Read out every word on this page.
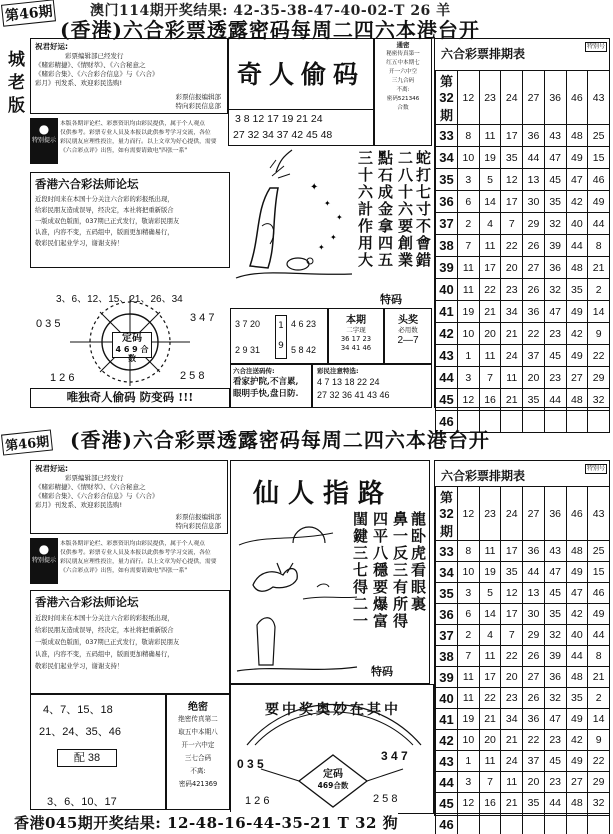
第46期	澳门114期开奖结果: 42-35-38-47-40-02-T 26 羊
城老版
(香港)六合彩票透露密码每周二四六本港台开
祝君好运:
彩票编辑部已经发行
《赌彩精捷》、《情财萃》、《六合秘意之
《赌彩合集》、《六合彩合信息》与《六合》
彩月》刊发系、欢迎彩民选购!
彩票信报编辑部
特向彩民信息部
●
特别提示
本版各期评论栏、彩票资讯均由彩民提供，属于个人观点
仅供参考。彩票专业人员及本报以此供参考学习交流，各位
彩民朋友应理性投注，量力而行。以上文章为好心提供，需要
《六合彩点评》出售，如有需要请致电"四张一系"
奇人偷码
3 8 12 17 19 21 24
27 32 34 37 42 45 48
通密
秘密传真第一
红五中本期七
开一六中空
三九合码
不离:
密码521346
合数
香港六合彩法师论坛
近段时间来在本国十分关注六合彩的彩报纸出现，
给彩民朋友造成误导，经决定，本社将把重新版合
一版成双色版面，037期已正式发行，敬请彩民朋友
认准，内容不变，五码组中，版面更加精确易行，
敬彩民们起业学习，谢谢支持！
✦
✦
✦
✦
✦	蛇打七寸不會錯
二八十六要創業
點石成金拿四五
三十六計作用大
特码
3、6、12、15、21、26、34
定码
4 6 9 合数
0 3 5	3 4 7
1 2 6	2 5 8
唯独奇人偷码 防变码 !!!
3 7 20
2 9 31
1
9
4 6 23
5 8 42
本期
二字现
36 17 23
34 41 46
头奖
必用数
2—7
六合注送码传:
看家护院,不言累,
眼明手快,盘日防.
彩民注意特选:
4 7 13 18 22 24
27 32 36 41 43 46
六合彩票排期表
特别号
第32期	12	23	24	27	36	46	43
33	8	11	17	36	43	48	25
34	10	19	35	44	47	49	15
35	3	5	12	13	45	47	46
36	6	14	17	30	35	42	49
37	2	4	7	29	32	40	44
38	7	11	22	26	39	44	8
39	11	17	20	27	36	48	21
40	11	22	23	26	32	35	2
41	19	21	34	36	47	49	14
42	10	20	21	22	23	42	9
43	1	11	24	37	45	49	22
44	3	7	11	20	23	27	29
45	12	16	21	35	44	48	32
46							
第46期 (香港)六合彩票透露密码每周二四六本港台开
祝君好运:
彩票编辑部已经发行
《赌彩精捷》、《情财萃》、《六合秘意之
《赌彩合集》、《六合彩合信息》与《六合》
彩月》刊发系、欢迎彩民选购!
彩票信报编辑部
特向彩民信息部
●
特别提示
本版各期评论栏、彩票资讯均由彩民提供，属于个人观点
仅供参考。彩票专业人员及本报以此供参考学习交流，各位
彩民朋友应理性投注，量力而行。以上文章为好心提供，需要
《六合彩点评》出售，如有需要请致电"四张一系"
香港六合彩法师论坛
近段时间来在本国十分关注六合彩的彩报纸出现，
给彩民朋友造成误导，经决定，本社将把重新版合
一版成双色版面，037期已正式发行，敬请彩民朋友
认准，内容不变，五码组中，版面更加精确易行，
敬彩民们起业学习，谢谢支持！
仙人指路
龍卧虎看眼裏
鼻一反三有所得
四平八穩要爆富
閨鍵三七得二一
特码
4、7、15、18
21、24、35、46
配 38
3、6、10、17
绝密
绝密传真第二
取五中本期八
开一六中定
三七合码
不离:
密码421369
要中奖奥妙在其中
定码
469合数
0 3 5
3 4 7
1 2 6	2 5 8
六合彩票排期表
特别号
第32期	12	23	24	27	36	46	43
33	8	11	17	36	43	48	25
34	10	19	35	44	47	49	15
35	3	5	12	13	45	47	46
36	6	14	17	30	35	42	49
37	2	4	7	29	32	40	44
38	7	11	22	26	39	44	8
39	11	17	20	27	36	48	21
40	11	22	23	26	32	35	2
41	19	21	34	36	47	49	14
42	10	20	21	22	23	42	9
43	1	11	24	37	45	49	22
44	3	7	11	20	23	27	29
45	12	16	21	35	44	48	32
46							
香港045期开奖结果: 12-48-16-44-35-21 T 32 狗
